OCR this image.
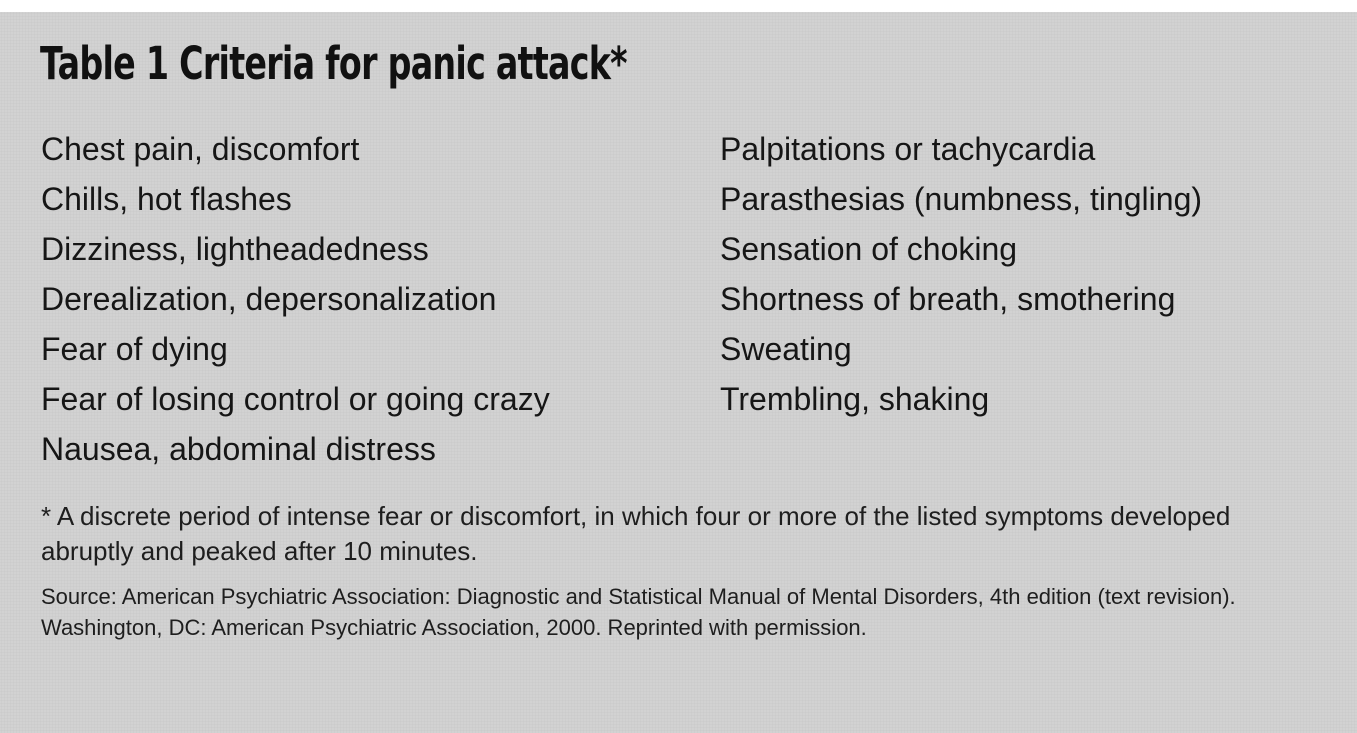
Table 1 Criteria for panic attack*
Chest pain, discomfort
Chills, hot flashes
Dizziness, lightheadedness
Derealization, depersonalization
Fear of dying
Fear of losing control or going crazy
Nausea, abdominal distress
Palpitations or tachycardia
Parasthesias (numbness, tingling)
Sensation of choking
Shortness of breath, smothering
Sweating
Trembling, shaking

* A discrete period of intense fear or discomfort, in which four or more of the listed symptoms developed abruptly and peaked after 10 minutes.

Source: American Psychiatric Association: Diagnostic and Statistical Manual of Mental Disorders, 4th edition (text revision). Washington, DC: American Psychiatric Association, 2000. Reprinted with permission.
